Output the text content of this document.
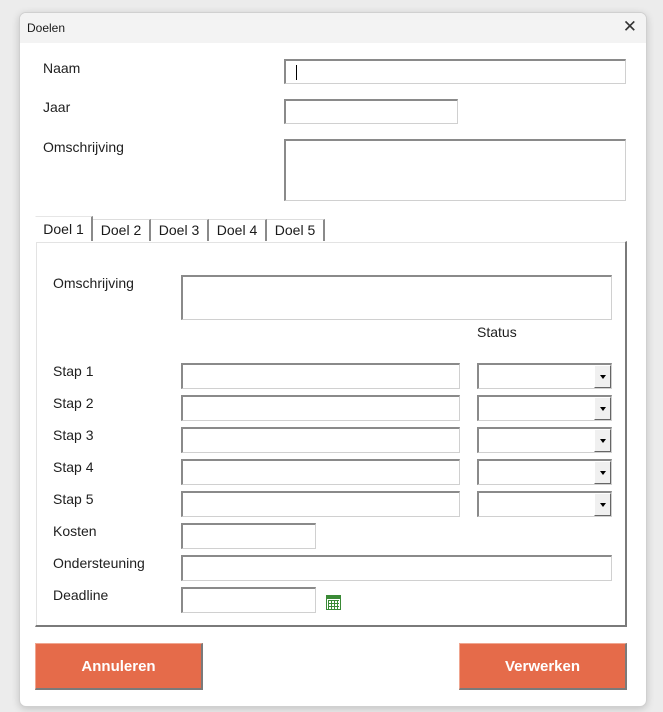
Doelen	✕
Naam
Jaar
Omschrijving
Doel 1	Doel 2	Doel 3	Doel 4	Doel 5
Omschrijving
Status
Stap 1
Stap 2
Stap 3
Stap 4
Stap 5
Kosten
Ondersteuning
Deadline
Annuleren	Verwerken
